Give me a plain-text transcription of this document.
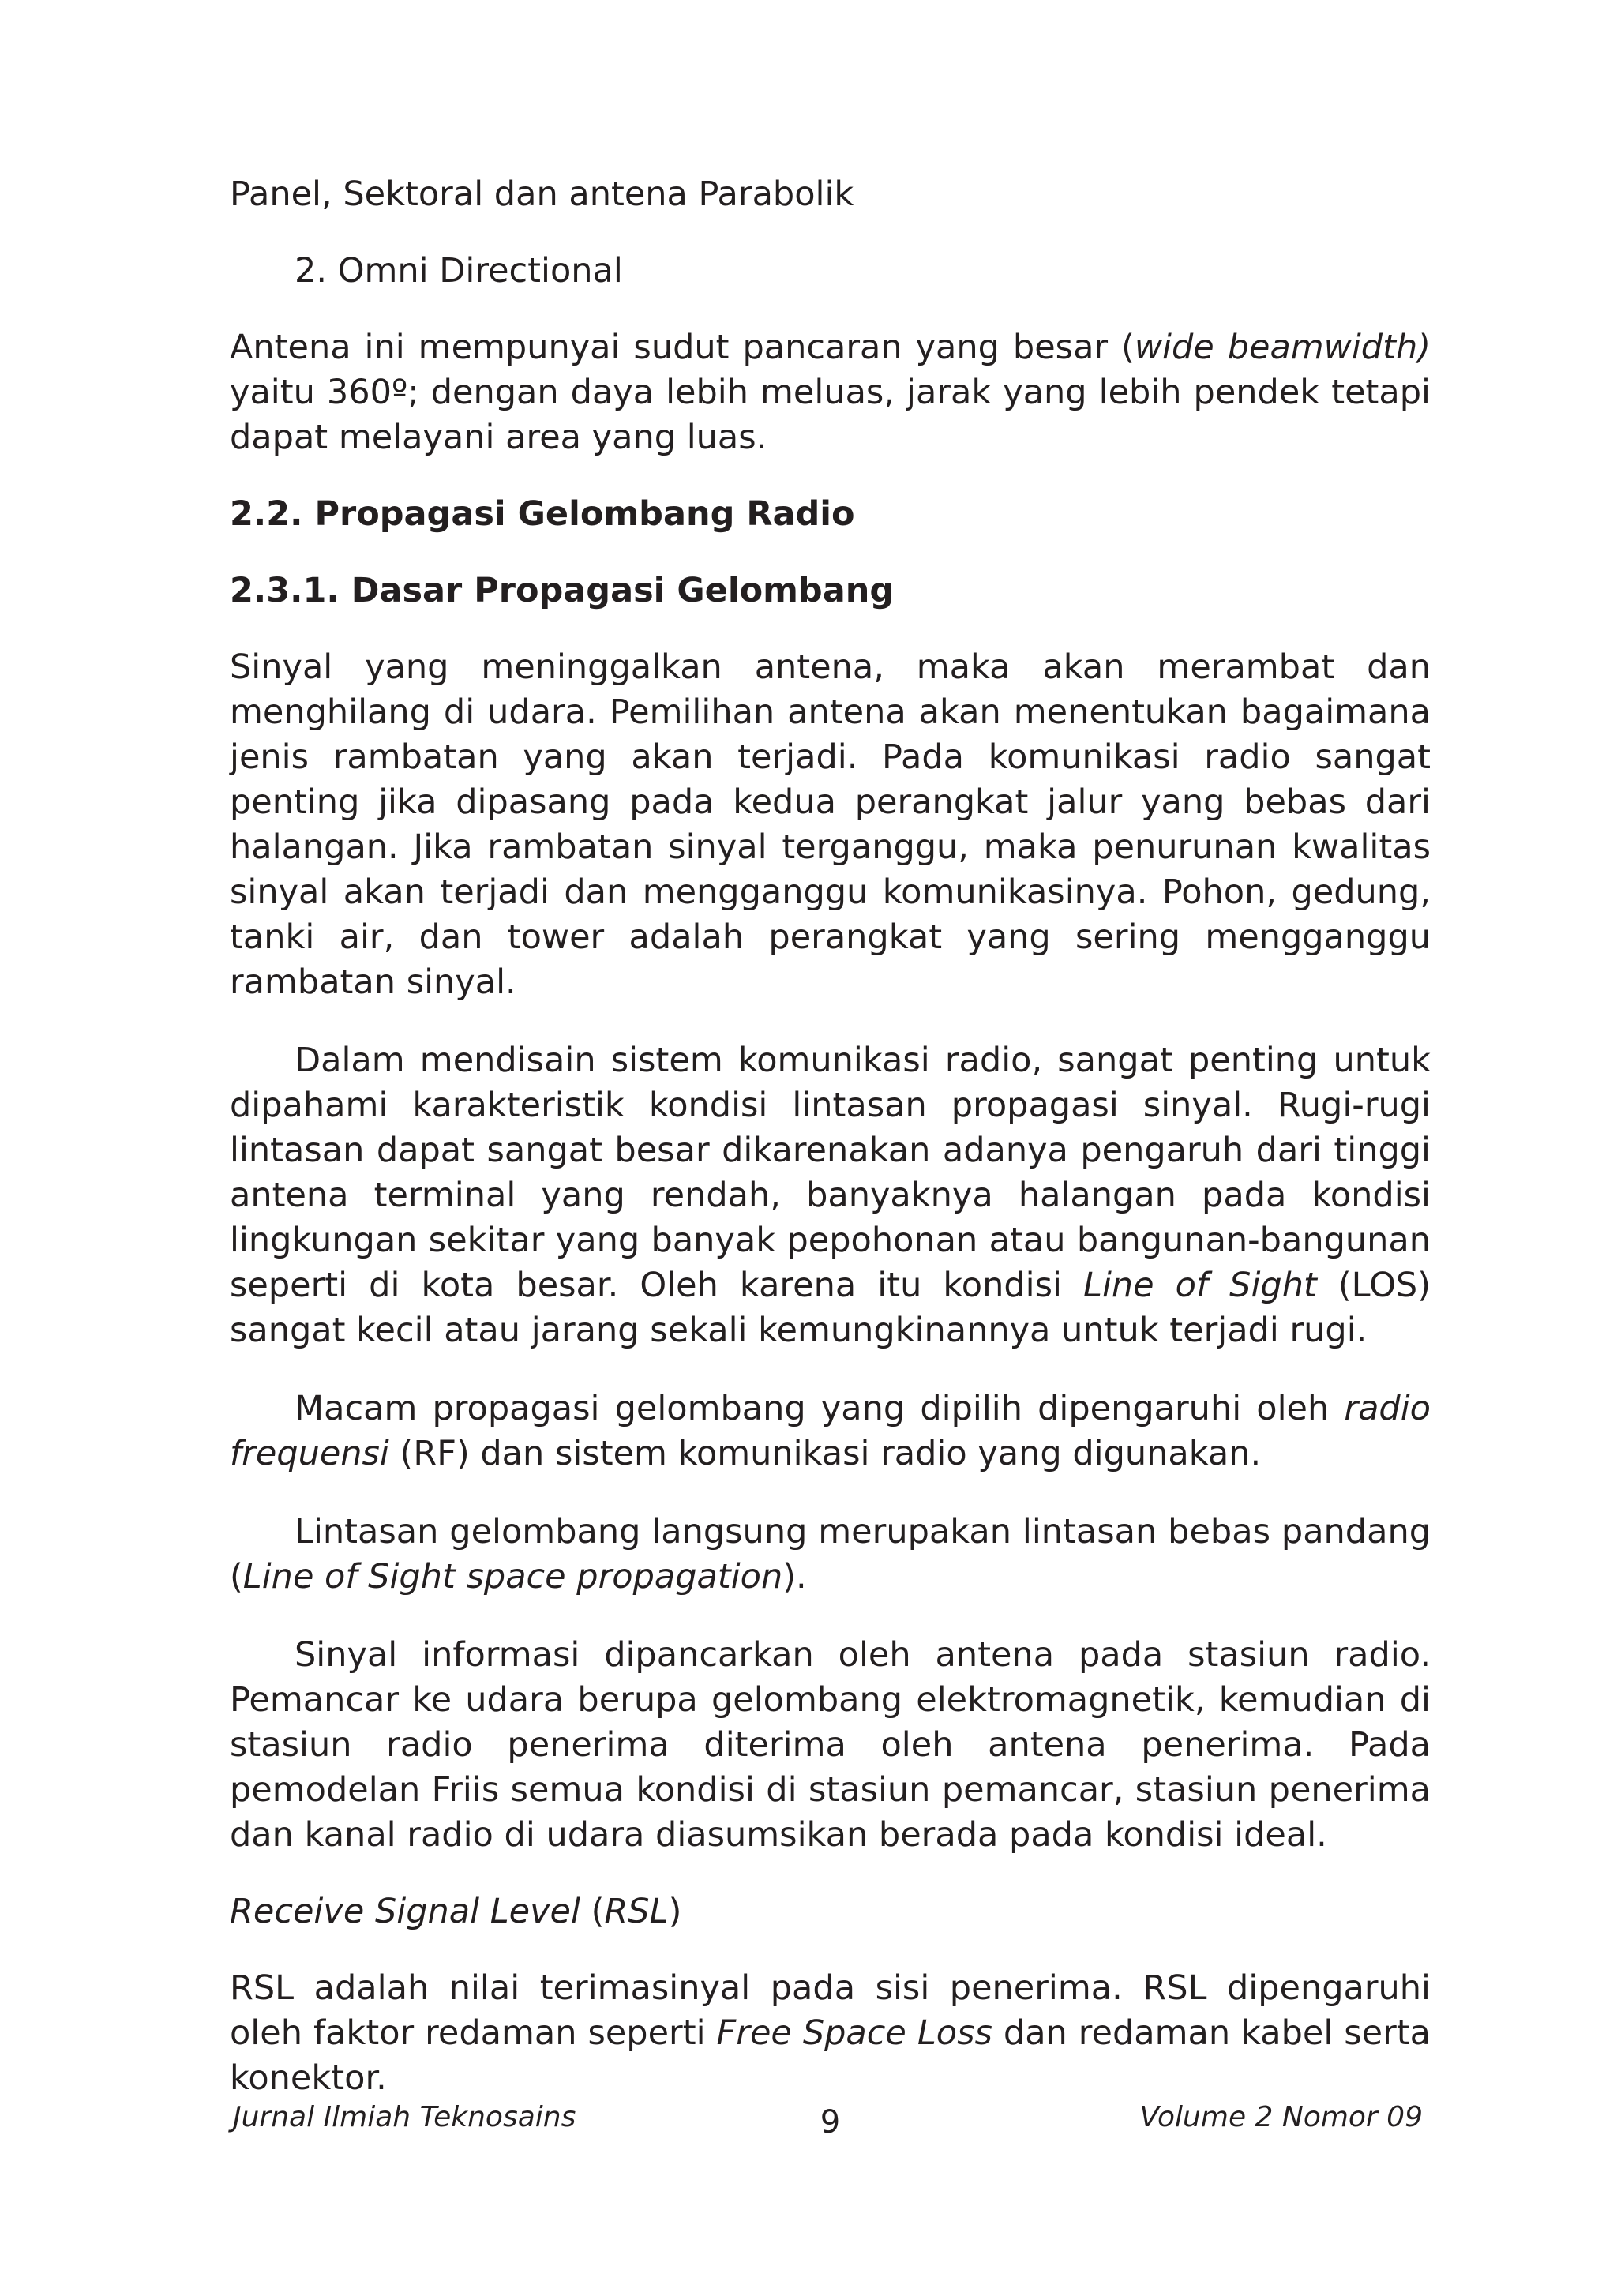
Panel, Sektoral dan antena Parabolik

2. Omni Directional

Antena ini mempunyai sudut pancaran yang besar (wide beamwidth) yaitu 360º; dengan daya lebih meluas, jarak yang lebih pendek tetapi dapat melayani area yang luas.

2.2. Propagasi Gelombang Radio

2.3.1. Dasar Propagasi Gelombang

Sinyal yang meninggalkan antena, maka akan merambat dan menghilang di udara. Pemilihan antena akan menentukan bagaimana jenis rambatan yang akan terjadi. Pada komunikasi radio sangat penting jika dipasang pada kedua perangkat jalur yang bebas dari halangan. Jika rambatan sinyal terganggu, maka penurunan kwalitas sinyal akan terjadi dan mengganggu komunikasinya. Pohon, gedung, tanki air, dan tower adalah perangkat yang sering mengganggu rambatan sinyal.

Dalam mendisain sistem komunikasi radio, sangat penting untuk dipahami karakteristik kondisi lintasan propagasi sinyal. Rugi-rugi lintasan dapat sangat besar dikarenakan adanya pengaruh dari tinggi antena terminal yang rendah, banyaknya halangan pada kondisi lingkungan sekitar yang banyak pepohonan atau bangunan-bangunan seperti di kota besar. Oleh karena itu kondisi Line of Sight (LOS) sangat kecil atau jarang sekali kemungkinannya untuk terjadi rugi.

Macam propagasi gelombang yang dipilih dipengaruhi oleh radio frequensi (RF) dan sistem komunikasi radio yang digunakan.

Lintasan gelombang langsung merupakan lintasan bebas pandang (Line of Sight space propagation).

Sinyal informasi dipancarkan oleh antena pada stasiun radio. Pemancar ke udara berupa gelombang elektromagnetik, kemudian di stasiun radio penerima diterima oleh antena penerima. Pada pemodelan Friis semua kondisi di stasiun pemancar, stasiun penerima dan kanal radio di udara diasumsikan berada pada kondisi ideal.

Receive Signal Level (RSL)

RSL adalah nilai terimasinyal pada sisi penerima. RSL dipengaruhi oleh faktor redaman seperti Free Space Loss dan redaman kabel serta konektor.

Jurnal Ilmiah Teknosains	9	Volume 2 Nomor 09
